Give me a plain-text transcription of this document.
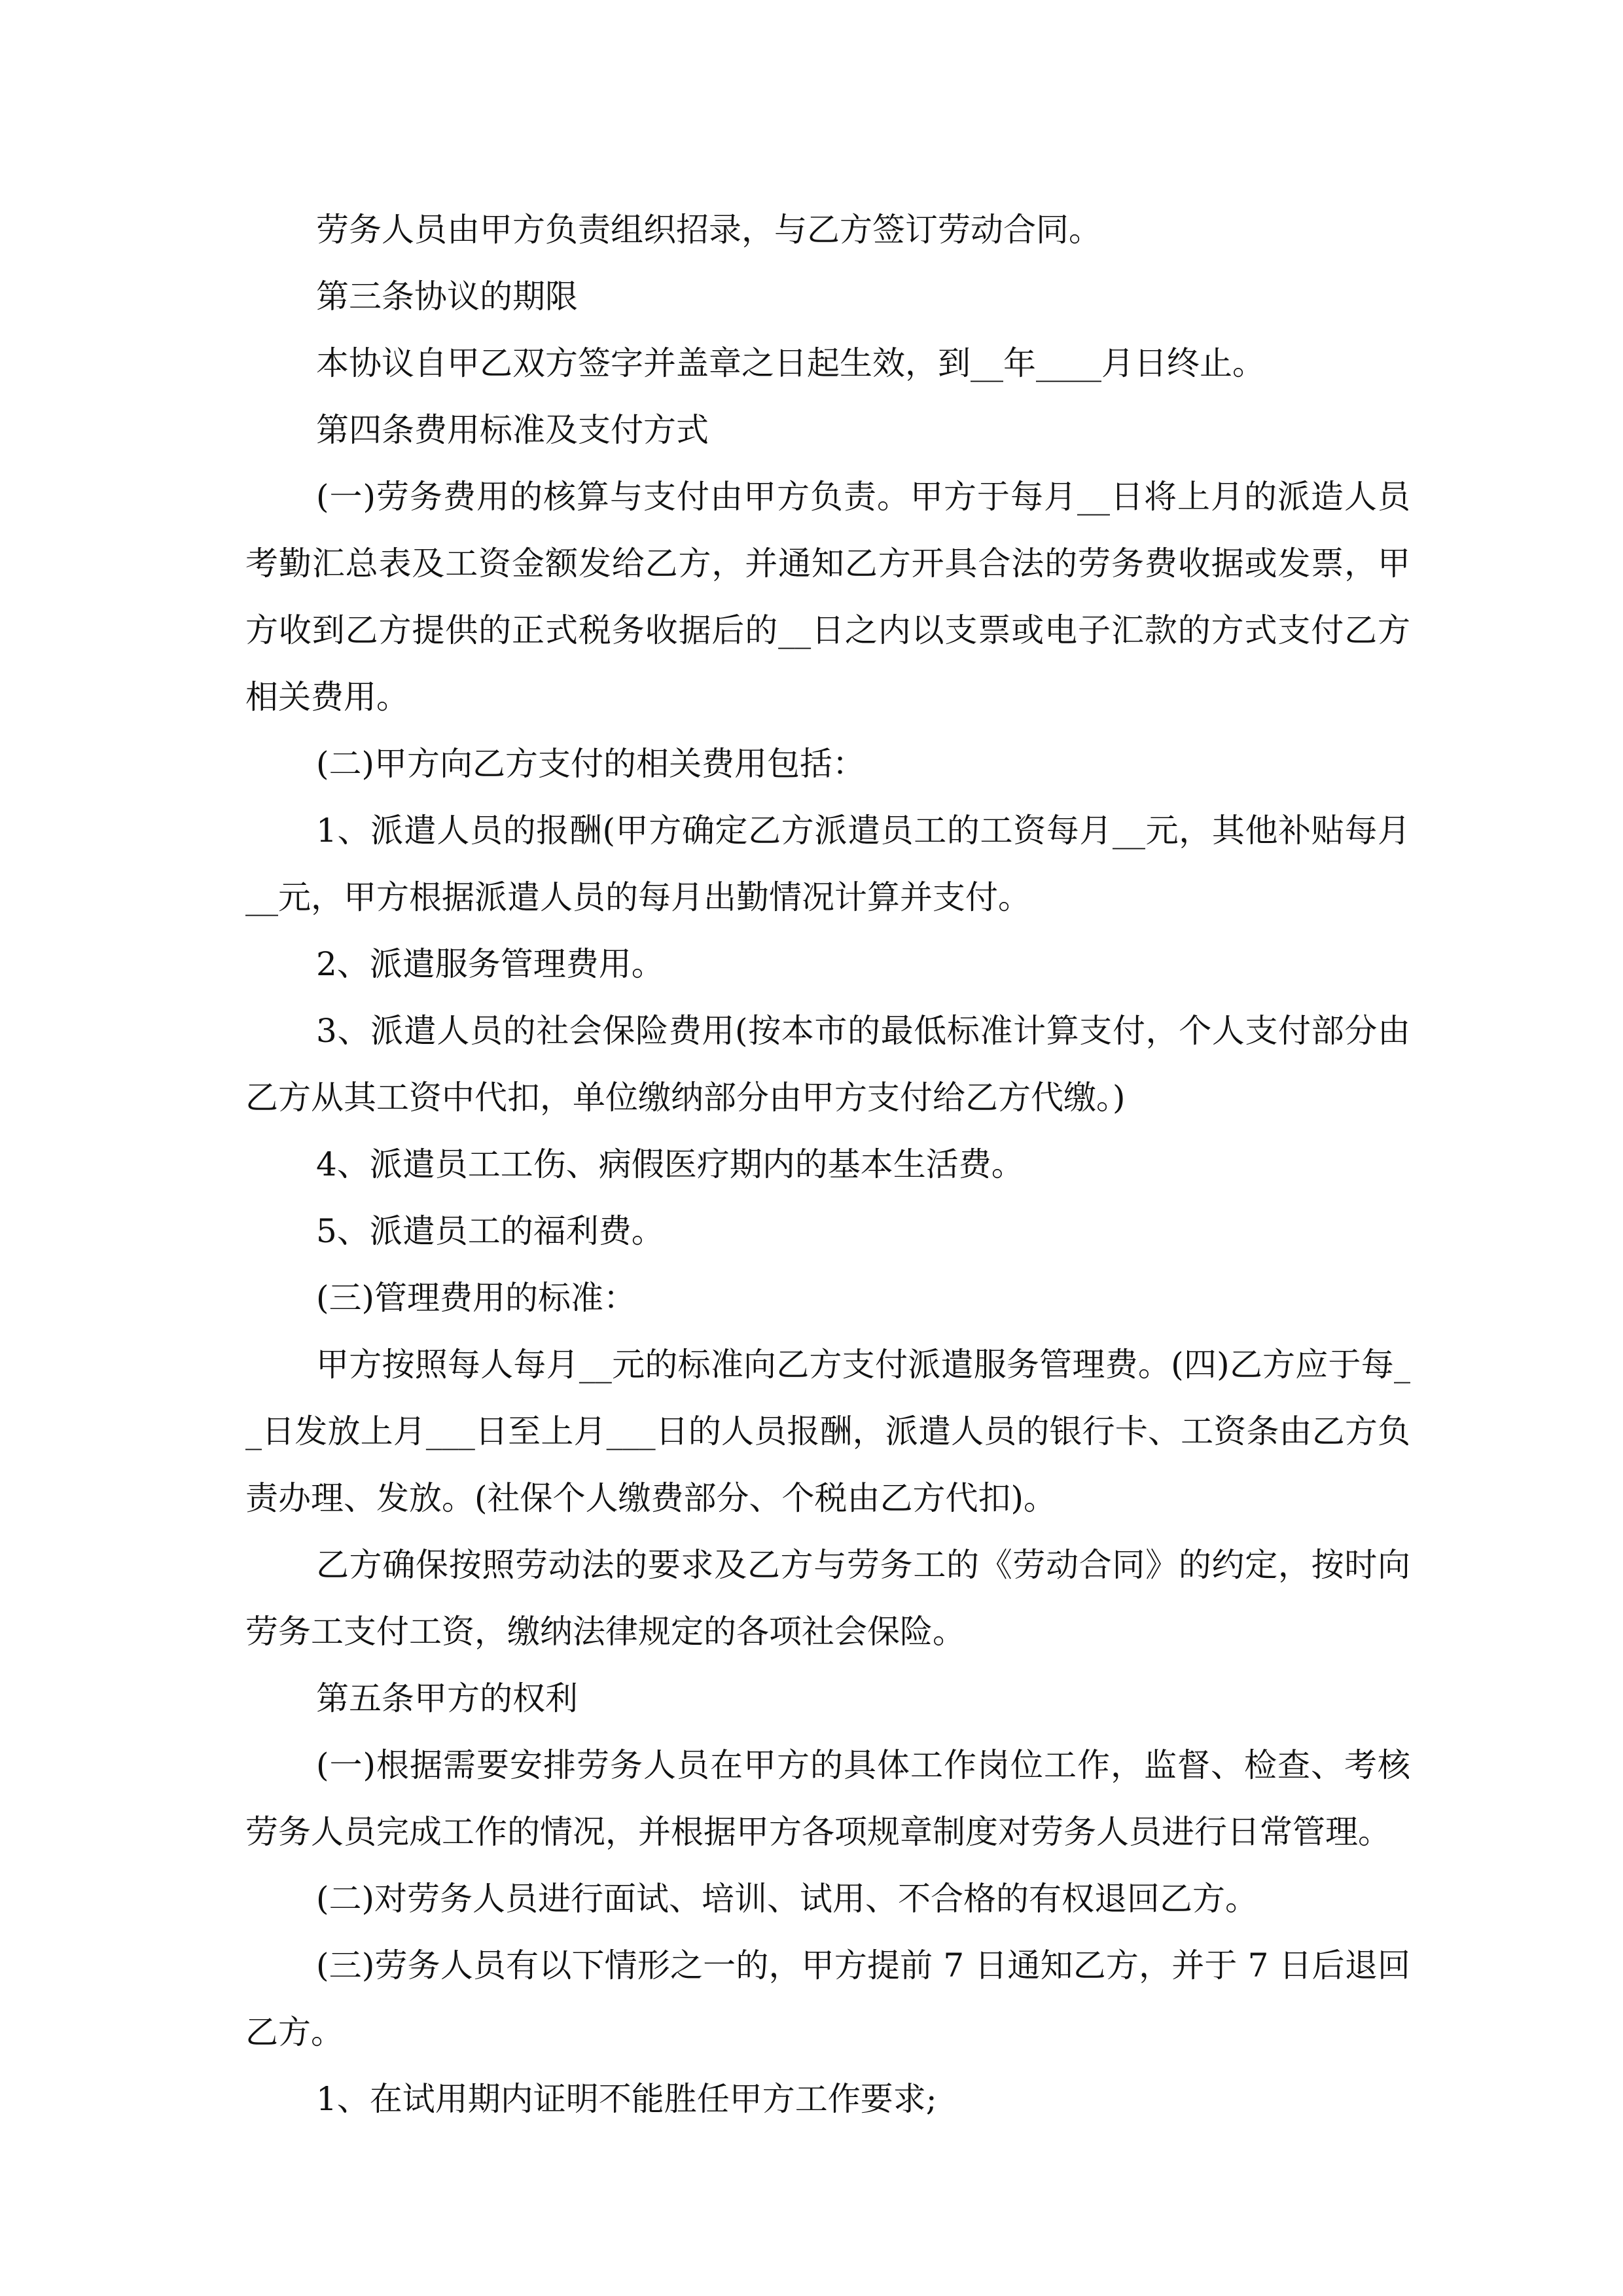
劳务人员由甲方负责组织招录，与乙方签订劳动合同。

第三条协议的期限

本协议自甲乙双方签字并盖章之日起生效，到__年____月日终止。

第四条费用标准及支付方式

(一)劳务费用的核算与支付由甲方负责。甲方于每月__日将上月的派造人员考勤汇总表及工资金额发给乙方，并通知乙方开具合法的劳务费收据或发票，甲方收到乙方提供的正式税务收据后的__日之内以支票或电子汇款的方式支付乙方相关费用。

(二)甲方向乙方支付的相关费用包括：

1、派遣人员的报酬(甲方确定乙方派遣员工的工资每月__元，其他补贴每月__元，甲方根据派遣人员的每月出勤情况计算并支付。

2、派遣服务管理费用。

3、派遣人员的社会保险费用(按本市的最低标准计算支付，个人支付部分由乙方从其工资中代扣，单位缴纳部分由甲方支付给乙方代缴。)

4、派遣员工工伤、病假医疗期内的基本生活费。

5、派遣员工的福利费。

(三)管理费用的标准：

甲方按照每人每月__元的标准向乙方支付派遣服务管理费。(四)乙方应于每__日发放上月___日至上月___日的人员报酬，派遣人员的银行卡、工资条由乙方负责办理、发放。(社保个人缴费部分、个税由乙方代扣)。

乙方确保按照劳动法的要求及乙方与劳务工的《劳动合同》的约定，按时向劳务工支付工资，缴纳法律规定的各项社会保险。

第五条甲方的权利

(一)根据需要安排劳务人员在甲方的具体工作岗位工作，监督、检查、考核劳务人员完成工作的情况，并根据甲方各项规章制度对劳务人员进行日常管理。

(二)对劳务人员进行面试、培训、试用、不合格的有权退回乙方。

(三)劳务人员有以下情形之一的，甲方提前 7 日通知乙方，并于 7 日后退回乙方。

1、在试用期内证明不能胜任甲方工作要求;
